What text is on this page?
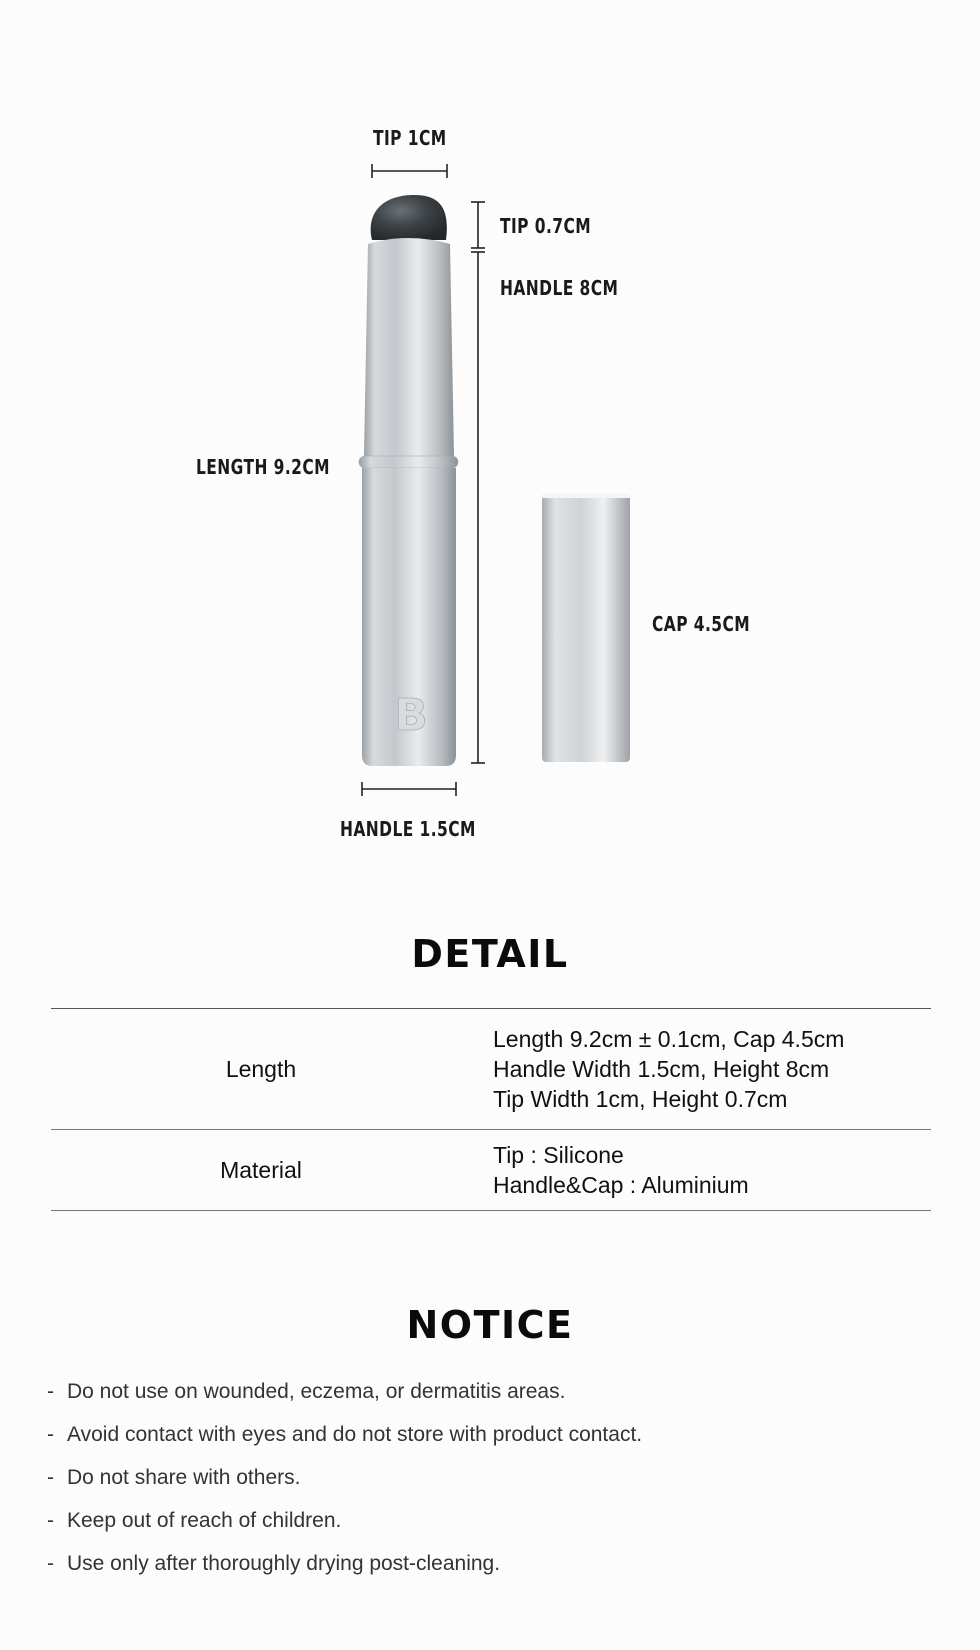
B
TIP 1CM
TIP 0.7CM
HANDLE 8CM
LENGTH 9.2CM
CAP 4.5CM
HANDLE 1.5CM
DETAIL
Length
Length 9.2cm ± 0.1cm, Cap 4.5cm
Handle Width 1.5cm, Height 8cm
Tip Width 1cm, Height 0.7cm
Material
Tip : Silicone
Handle&Cap : Aluminium
NOTICE
- Do not use on wounded, eczema, or dermatitis areas.
- Avoid contact with eyes and do not store with product contact.
- Do not share with others.
- Keep out of reach of children.
- Use only after thoroughly drying post-cleaning.
